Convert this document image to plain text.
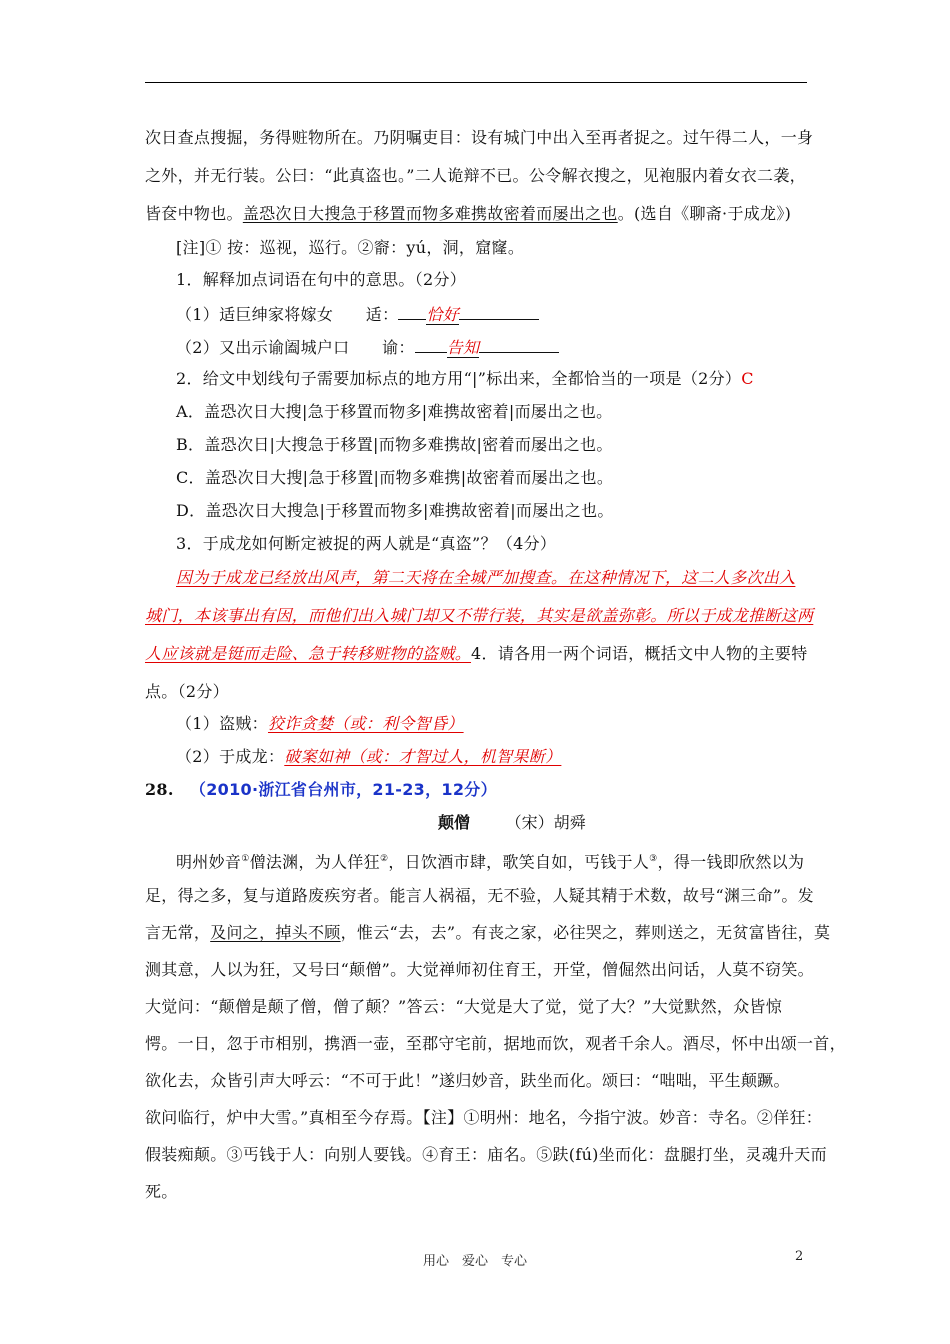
次日查点搜掘，务得赃物所在。乃阴嘱吏目：设有城门中出入至再者捉之。过午得二人，一身
之外，并无行装。公曰：“此真盗也。”二人诡辩不已。公令解衣搜之，见袍服内着女衣二袭，
皆奁中物也。盖恐次日大搜急于移置而物多难携故密着而屡出之也。(选自《聊斋·于成龙》)
[注]① 按：巡视，巡行。②窬：yú，洞，窟窿。
1．解释加点词语在句中的意思。（2分）
（1）适巨绅家将嫁女　　适： 恰好
（2）又出示谕阖城户口　　谕： 告知
2．给文中划线句子需要加标点的地方用“|”标出来，全都恰当的一项是（2分）C
A．盖恐次日大搜|急于移置而物多|难携故密着|而屡出之也。
B．盖恐次日|大搜急于移置|而物多难携故|密着而屡出之也。
C．盖恐次日大搜|急于移置|而物多难携|故密着而屡出之也。
D．盖恐次日大搜急|于移置而物多|难携故密着|而屡出之也。
3．于成龙如何断定被捉的两人就是“真盗”？（4分）
因为于成龙已经放出风声，第二天将在全城严加搜查。在这种情况下，这二人多次出入
城门，本该事出有因，而他们出入城门却又不带行装，其实是欲盖弥彰。所以于成龙推断这两
人应该就是铤而走险、急于转移赃物的盗贼。4．请各用一两个词语，概括文中人物的主要特
点。（2分）
（1）盗贼：狡诈贪婪（或：利令智昏）
（2）于成龙：破案如神（或：才智过人，机智果断）
28. （2010·浙江省台州市，21-23，12分）
颠僧 （宋）胡舜
明州妙音①僧法渊，为人佯狂②，日饮酒市肆，歌笑自如，丐钱于人③，得一钱即欣然以为
足，得之多，复与道路废疾穷者。能言人祸福，无不验，人疑其精于术数，故号“渊三命”。发
言无常，及问之，掉头不顾，惟云“去，去”。有丧之家，必往哭之，葬则送之，无贫富皆往，莫
测其意，人以为狂，又号曰“颠僧”。大觉禅师初住育王，开堂，僧倔然出问话，人莫不窃笑。
大觉问：“颠僧是颠了僧，僧了颠？”答云：“大觉是大了觉，觉了大？”大觉默然，众皆惊
愕。一日，忽于市相别，携酒一壶，至郡守宅前，据地而饮，观者千余人。酒尽，怀中出颂一首，
欲化去，众皆引声大呼云：“不可于此！”遂归妙音，趺坐而化。颂曰：“咄咄，平生颠蹶。
欲问临行，炉中大雪。”真相至今存焉。【注】①明州：地名，今指宁波。妙音：寺名。②佯狂：
假装痴颠。③丐钱于人：向别人要钱。④育王：庙名。⑤趺(fú)坐而化：盘腿打坐，灵魂升天而
死。
用心　爱心　专心	2
